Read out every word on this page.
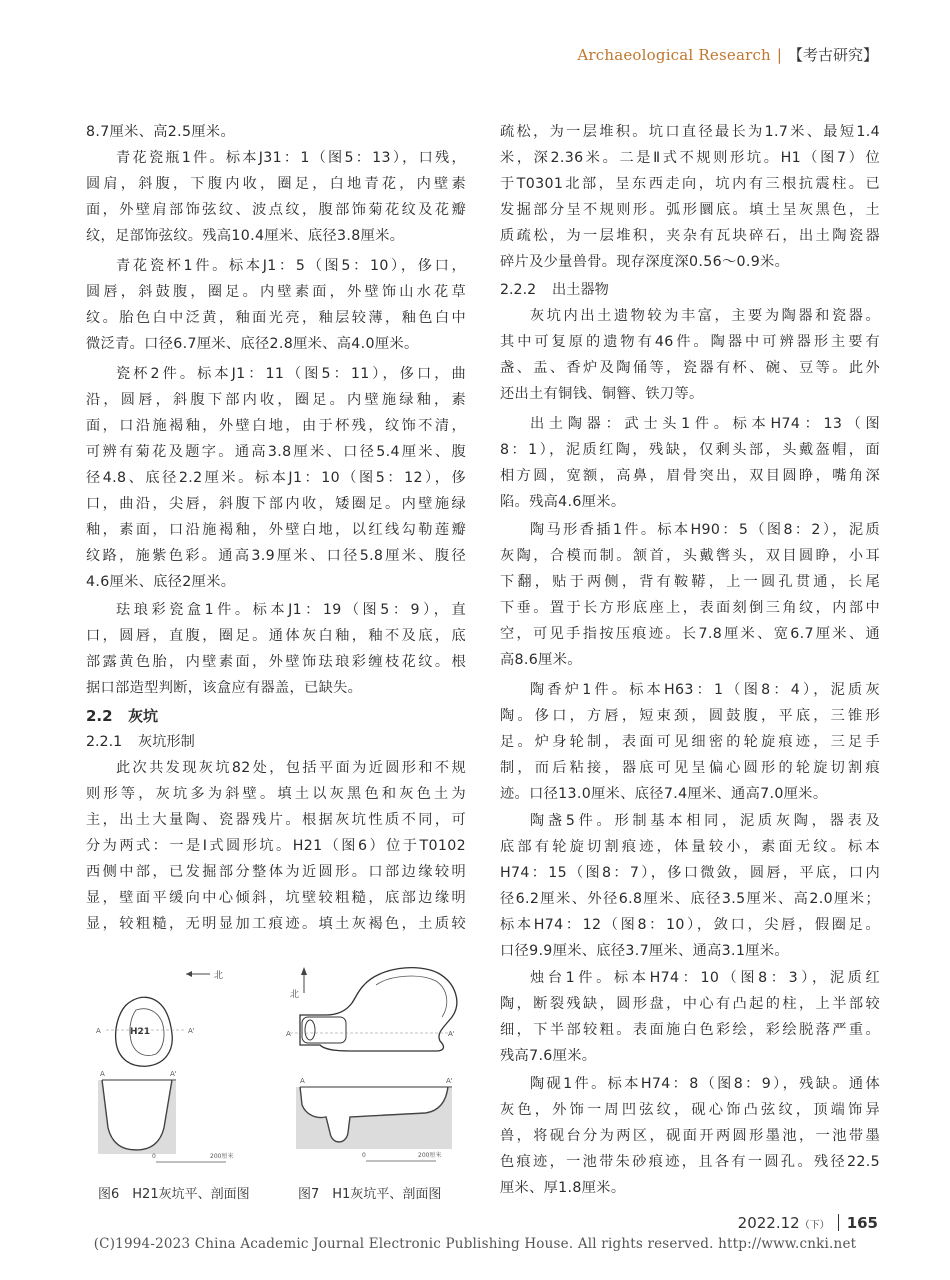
Archaeological Research | 【考古研究】
8.7厘米、高2.5厘米。
青花瓷瓶1件。标本J31：1（图5：13），口残，
圆肩，斜腹，下腹内收，圈足，白地青花，内壁素
面，外壁肩部饰弦纹、波点纹，腹部饰菊花纹及花瓣
纹，足部饰弦纹。残高10.4厘米、底径3.8厘米。
青花瓷杯1件。标本J1：5（图5：10），侈口，
圆唇，斜鼓腹，圈足。内壁素面，外壁饰山水花草
纹。胎色白中泛黄，釉面光亮，釉层较薄，釉色白中
微泛青。口径6.7厘米、底径2.8厘米、高4.0厘米。
瓷杯2件。标本J1：11（图5：11），侈口，曲
沿，圆唇，斜腹下部内收，圈足。内壁施绿釉，素
面，口沿施褐釉，外壁白地，由于杯残，纹饰不清，
可辨有菊花及题字。通高3.8厘米、口径5.4厘米、腹
径4.8、底径2.2厘米。标本J1：10（图5：12），侈
口，曲沿，尖唇，斜腹下部内收，矮圈足。内壁施绿
釉，素面，口沿施褐釉，外壁白地，以红线勾勒莲瓣
纹路，施紫色彩。通高3.9厘米、口径5.8厘米、腹径
4.6厘米、底径2厘米。
珐琅彩瓷盒1件。标本J1：19（图5：9），直
口，圆唇，直腹，圈足。通体灰白釉，釉不及底，底
部露黄色胎，内壁素面，外壁饰珐琅彩缠枝花纹。根
据口部造型判断，该盒应有器盖，已缺失。
2.2 灰坑
2.2.1 灰坑形制
此次共发现灰坑82处，包括平面为近圆形和不规
则形等，灰坑多为斜壁。填土以灰黑色和灰色土为
主，出土大量陶、瓷器残片。根据灰坑性质不同，可
分为两式：一是Ⅰ式圆形坑。H21（图6）位于T0102
西侧中部，已发掘部分整体为近圆形。口部边缘较明
显，壁面平缓向中心倾斜，坑壁较粗糙，底部边缘明
显，较粗糙，无明显加工痕迹。填土灰褐色，土质较
北
H21
A	A'
A	A'
0	200厘米
图6　H21灰坑平、剖面图
北
A	A'
A	A'
0	200厘米
图7　H1灰坑平、剖面图
疏松，为一层堆积。坑口直径最长为1.7米、最短1.4
米，深2.36米。二是Ⅱ式不规则形坑。H1（图7）位
于T0301北部，呈东西走向，坑内有三根抗震柱。已
发掘部分呈不规则形。弧形圜底。填土呈灰黑色，土
质疏松，为一层堆积，夹杂有瓦块碎石，出土陶瓷器
碎片及少量兽骨。现存深度深0.56～0.9米。
2.2.2 出土器物
灰坑内出土遗物较为丰富，主要为陶器和瓷器。
其中可复原的遗物有46件。陶器中可辨器形主要有
盏、盂、香炉及陶俑等，瓷器有杯、碗、豆等。此外
还出土有铜钱、铜簪、铁刀等。
出土陶器：武士头1件。标本H74：13（图
8：1），泥质红陶，残缺，仅剩头部，头戴盔帽，面
相方圆，宽额，高鼻，眉骨突出，双目圆睁，嘴角深
陷。残高4.6厘米。
陶马形香插1件。标本H90：5（图8：2），泥质
灰陶，合模而制。颔首，头戴辔头，双目圆睁，小耳
下翻，贴于两侧，背有鞍鞯，上一圆孔贯通，长尾
下垂。置于长方形底座上，表面刻倒三角纹，内部中
空，可见手指按压痕迹。长7.8厘米、宽6.7厘米、通
高8.6厘米。
陶香炉1件。标本H63：1（图8：4），泥质灰
陶。侈口，方唇，短束颈，圆鼓腹，平底，三锥形
足。炉身轮制，表面可见细密的轮旋痕迹，三足手
制，而后粘接，器底可见呈偏心圆形的轮旋切割痕
迹。口径13.0厘米、底径7.4厘米、通高7.0厘米。
陶盏5件。形制基本相同，泥质灰陶，器表及
底部有轮旋切割痕迹，体量较小，素面无纹。标本
H74：15（图8：7），侈口微敛，圆唇，平底，口内
径6.2厘米、外径6.8厘米、底径3.5厘米、高2.0厘米；
标本H74：12（图8：10），敛口，尖唇，假圈足。
口径9.9厘米、底径3.7厘米、通高3.1厘米。
烛台1件。标本H74：10（图8：3），泥质红
陶，断裂残缺，圆形盘，中心有凸起的柱，上半部较
细，下半部较粗。表面施白色彩绘，彩绘脱落严重。
残高7.6厘米。
陶砚1件。标本H74：8（图8：9），残缺。通体
灰色，外饰一周凹弦纹，砚心饰凸弦纹，顶端饰异
兽，将砚台分为两区，砚面开两圆形墨池，一池带墨
色痕迹，一池带朱砂痕迹，且各有一圆孔。残径22.5
厘米、厚1.8厘米。
2022.12（下） 165
(C)1994-2023 China Academic Journal Electronic Publishing House. All rights reserved. http://www.cnki.net
